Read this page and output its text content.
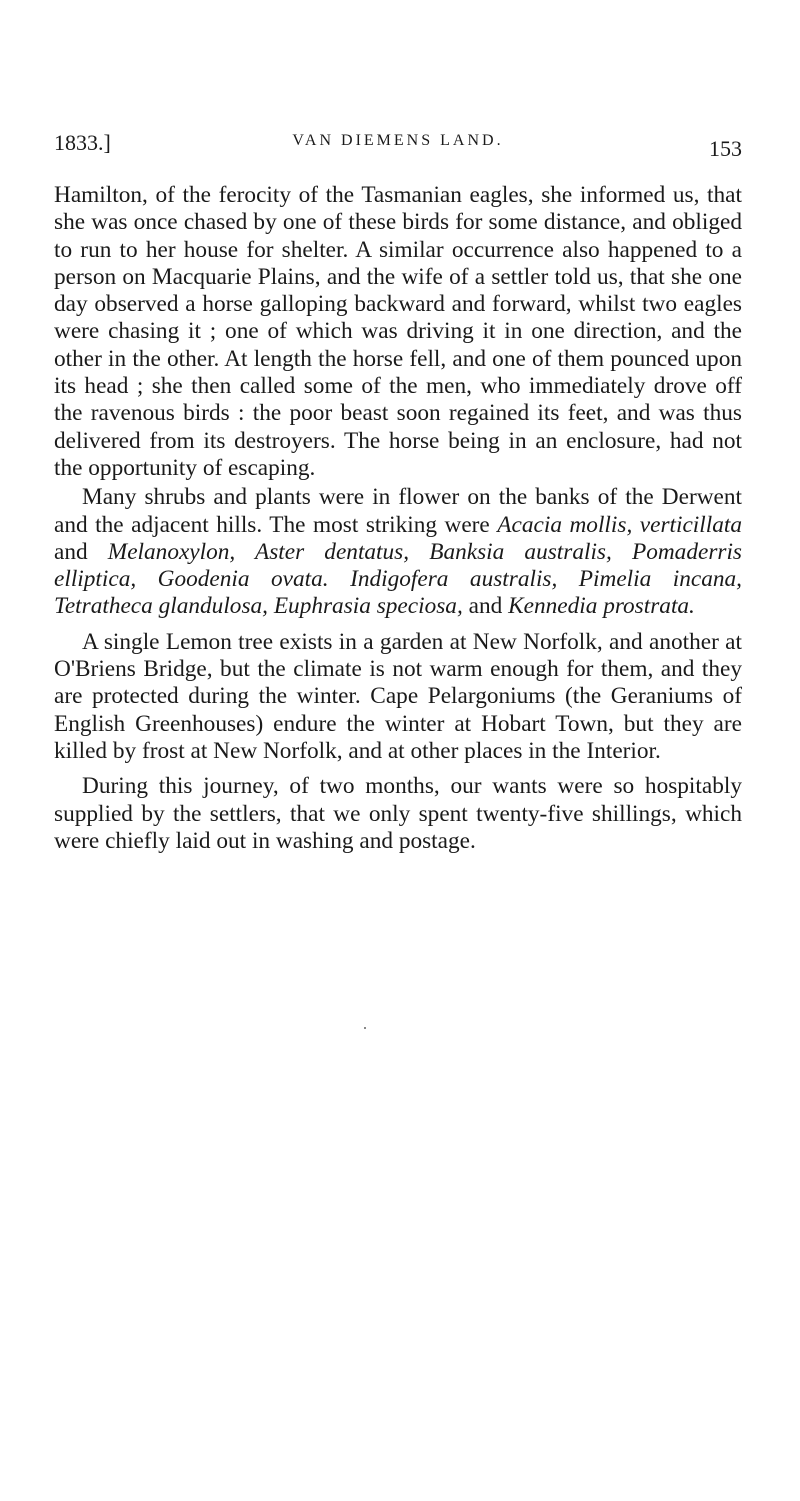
1833.]	VAN DIEMENS LAND.	153

Hamilton, of the ferocity of the Tasmanian eagles, she informed us, that she was once chased by one of these birds for some distance, and obliged to run to her house for shelter. A similar occurrence also happened to a person on Macquarie Plains, and the wife of a settler told us, that she one day observed a horse galloping backward and forward, whilst two eagles were chasing it ; one of which was driving it in one direction, and the other in the other. At length the horse fell, and one of them pounced upon its head ; she then called some of the men, who immediately drove off the ravenous birds : the poor beast soon regained its feet, and was thus delivered from its destroyers. The horse being in an enclosure, had not the opportunity of escaping.

Many shrubs and plants were in flower on the banks of the Derwent and the adjacent hills. The most striking were Acacia mollis, verticillata and Melanoxylon, Aster dentatus, Banksia australis, Pomaderris elliptica, Goodenia ovata. Indigofera australis, Pimelia incana, Tetratheca glandulosa, Euphrasia speciosa, and Kennedia prostrata.

A single Lemon tree exists in a garden at New Norfolk, and another at O'Briens Bridge, but the climate is not warm enough for them, and they are protected during the winter. Cape Pelargoniums (the Geraniums of English Greenhouses) endure the winter at Hobart Town, but they are killed by frost at New Norfolk, and at other places in the Interior.

During this journey, of two months, our wants were so hospitably supplied by the settlers, that we only spent twenty-five shillings, which were chiefly laid out in washing and postage.
